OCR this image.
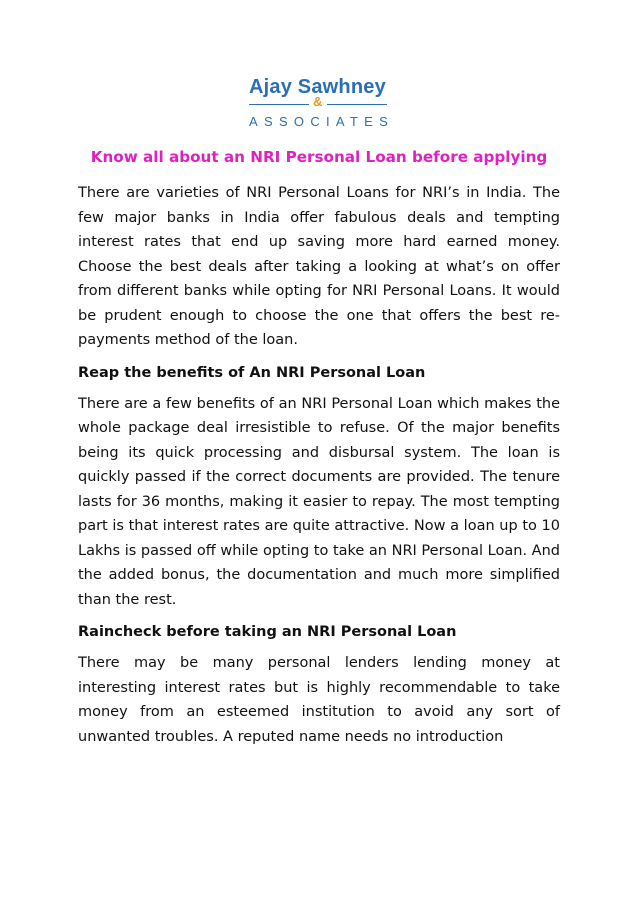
Ajay Sawhney
&
ASSOCIATES
Know all about an NRI Personal Loan before applying

There are varieties of NRI Personal Loans for NRI’s in India. The few major banks in India offer fabulous deals and tempting interest rates that end up saving more hard earned money. Choose the best deals after taking a looking at what’s on offer from different banks while opting for NRI Personal Loans. It would be prudent enough to choose the one that offers the best re-payments method of the loan.

Reap the benefits of An NRI Personal Loan

There are a few benefits of an NRI Personal Loan which makes the whole package deal irresistible to refuse. Of the major benefits being its quick processing and disbursal system. The loan is quickly passed if the correct documents are provided. The tenure lasts for 36 months, making it easier to repay. The most tempting part is that interest rates are quite attractive. Now a loan up to 10 Lakhs is passed off while opting to take an NRI Personal Loan. And the added bonus, the documentation and much more simplified than the rest.

Raincheck before taking an NRI Personal Loan

There may be many personal lenders lending money at interesting interest rates but is highly recommendable to take money from an esteemed institution to avoid any sort of unwanted troubles. A reputed name needs no introduction
